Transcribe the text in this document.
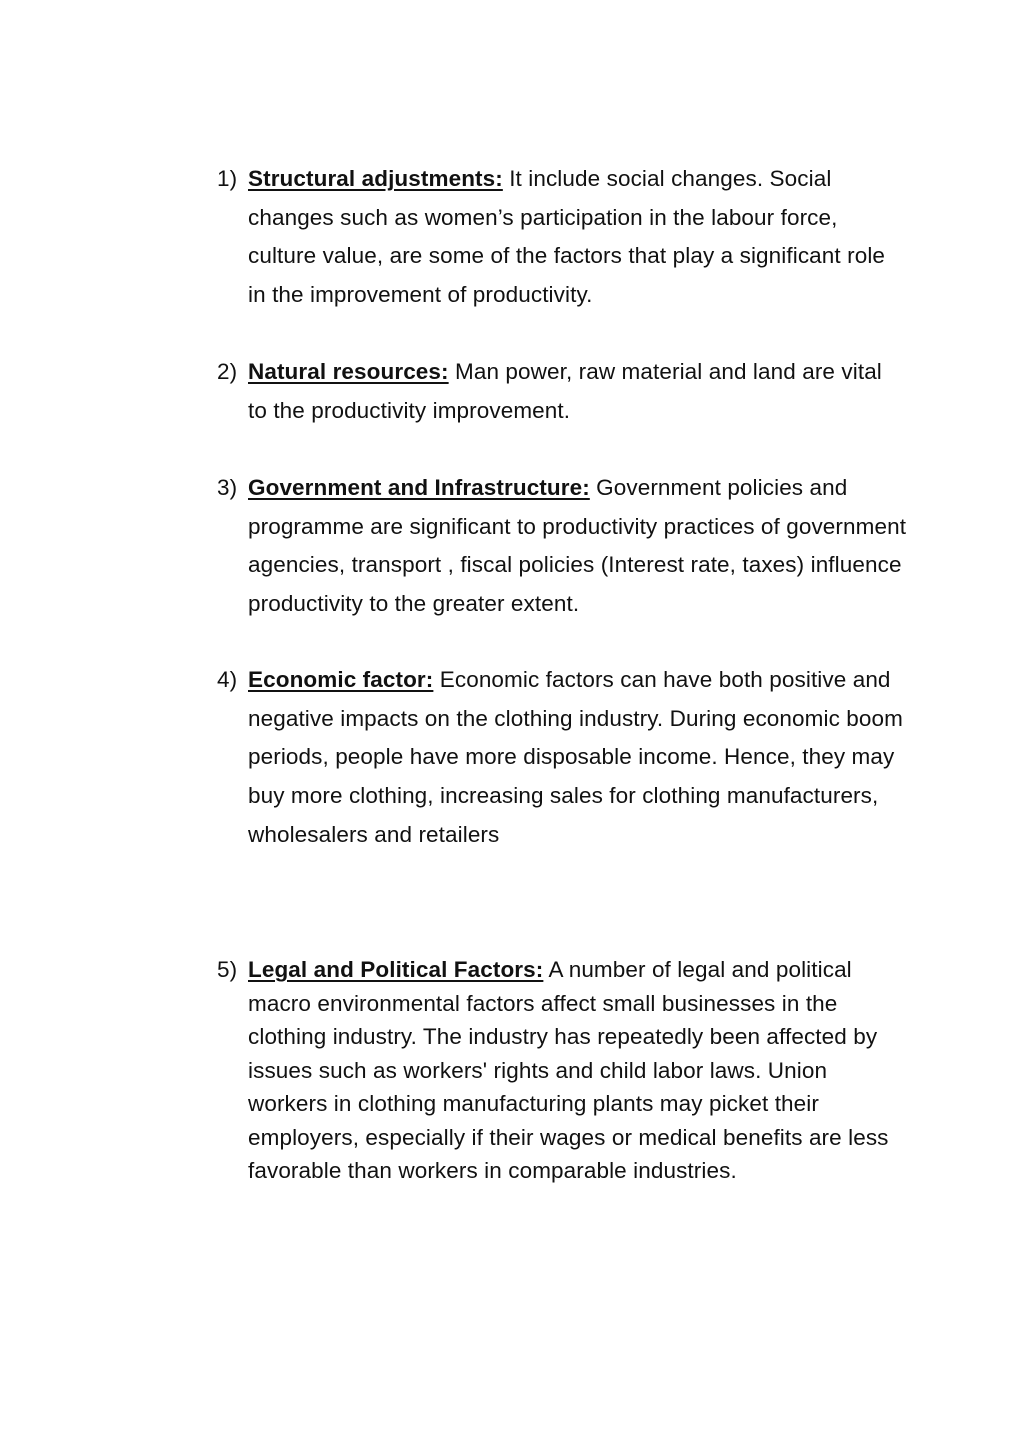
1) Structural adjustments: It include social changes. Social changes such as women’s participation in the labour force, culture value, are some of the factors that play a significant role in the improvement of productivity.
2) Natural resources: Man power, raw material and land are vital to the productivity improvement.
3) Government and Infrastructure: Government policies and programme are significant to productivity practices of government agencies, transport , fiscal policies (Interest rate, taxes) influence productivity to the greater extent.
4) Economic factor: Economic factors can have both positive and negative impacts on the clothing industry. During economic boom periods, people have more disposable income. Hence, they may buy more clothing, increasing sales for clothing manufacturers, wholesalers and retailers
5) Legal and Political Factors: A number of legal and political macro environmental factors affect small businesses in the clothing industry. The industry has repeatedly been affected by issues such as workers' rights and child labor laws. Union workers in clothing manufacturing plants may picket their employers, especially if their wages or medical benefits are less favorable than workers in comparable industries.
